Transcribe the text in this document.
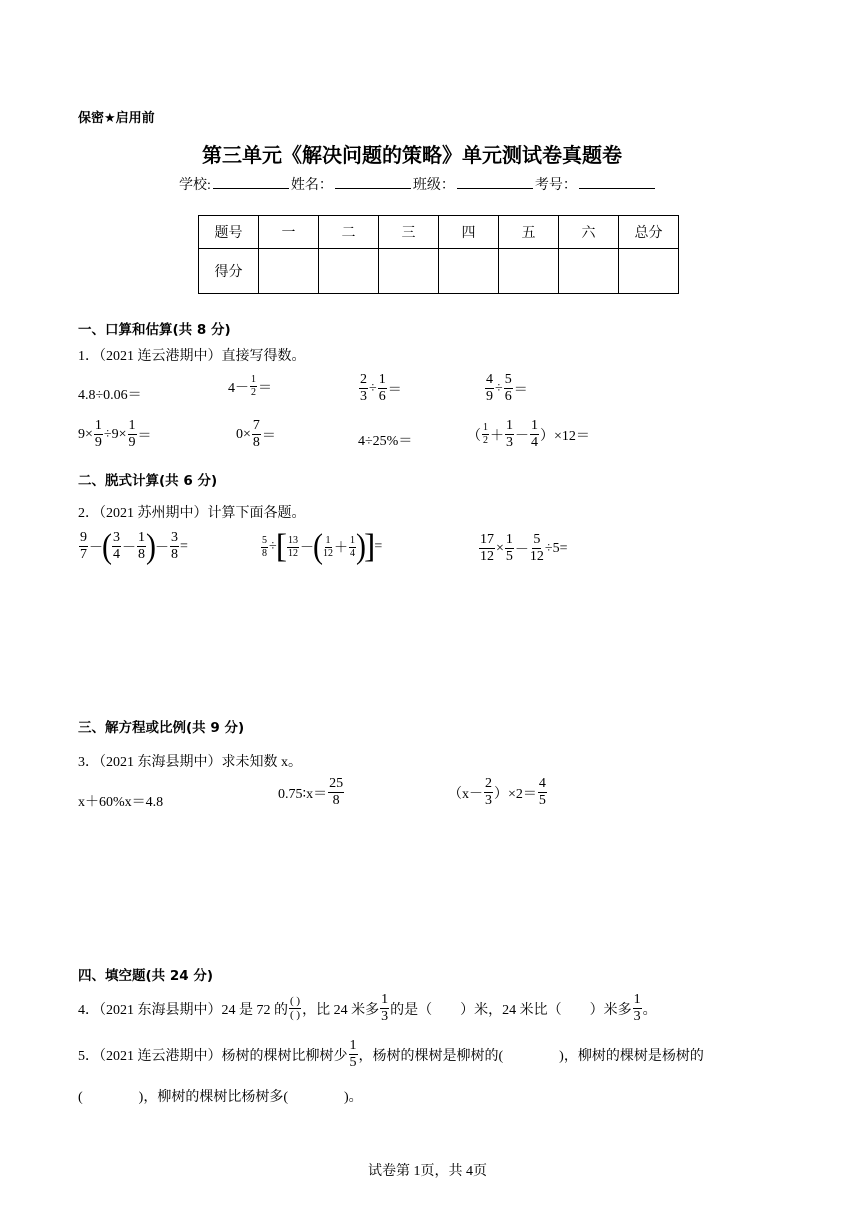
保密★启用前
第三单元《解决问题的策略》单元测试卷真题卷
学校:	姓名：	班级：	考号：
题号	一	二	三	四	五	六	总分
得分							
一、口算和估算(共 8 分)
1．（2021 连云港期中）直接写得数。
4.8÷0.06＝	$4- \frac{1}{2}$ ＝	$\frac{2}{3} \div \frac{1}{6}$ ＝	$\frac{4}{9} \div \frac{5}{6}$ ＝
$9\times \frac{1}{9} \div 9\times \frac{1}{9}$ ＝	$0\times \frac{7}{8}$ ＝	4÷25%＝	（ $\frac{1}{2} + \frac{1}{3} - \frac{1}{4} )\times 12=$
二、脱式计算(共 6 分)
2．（2021 苏州期中）计算下面各题。
$\frac{9}{7}$ － ( $\frac{3}{4} - \frac{1}{8}$ ) － $\frac{3}{8}$ =	$\frac{5}{8}$ ÷ [ $\frac{13}{12}$ － ( $\frac{1}{12} + \frac{1}{4}$ )
] =	$\frac{17}{12} \times \frac{1}{5} - \frac{5}{12} \div 5=$
三、解方程或比例(共 9 分)
3．（2021 东海县期中）求未知数 x。
x＋60%x＝4.8
0.75∶x＝ $\frac{25}{8}$	$(x- \frac{2}{3} )\times 2= \frac{4}{5}$
四、填空题(共 24 分)
4．（2021 东海县期中）24 是 72 的 $\frac{( )}{( )}$ ，比 24 米多 $\frac{1}{3}$ 的是（　　）米，24 米比（　　）米多 $\frac{1}{3}$ 。
5．（2021 连云港期中）杨树的棵树比柳树少 $\frac{1}{5}$ ，杨树的棵树是柳树的(　　　　)，柳树的棵树是杨树的
(　　　　)，柳树的棵树比杨树多(　　　　)。
试卷第 1页，共 4页
